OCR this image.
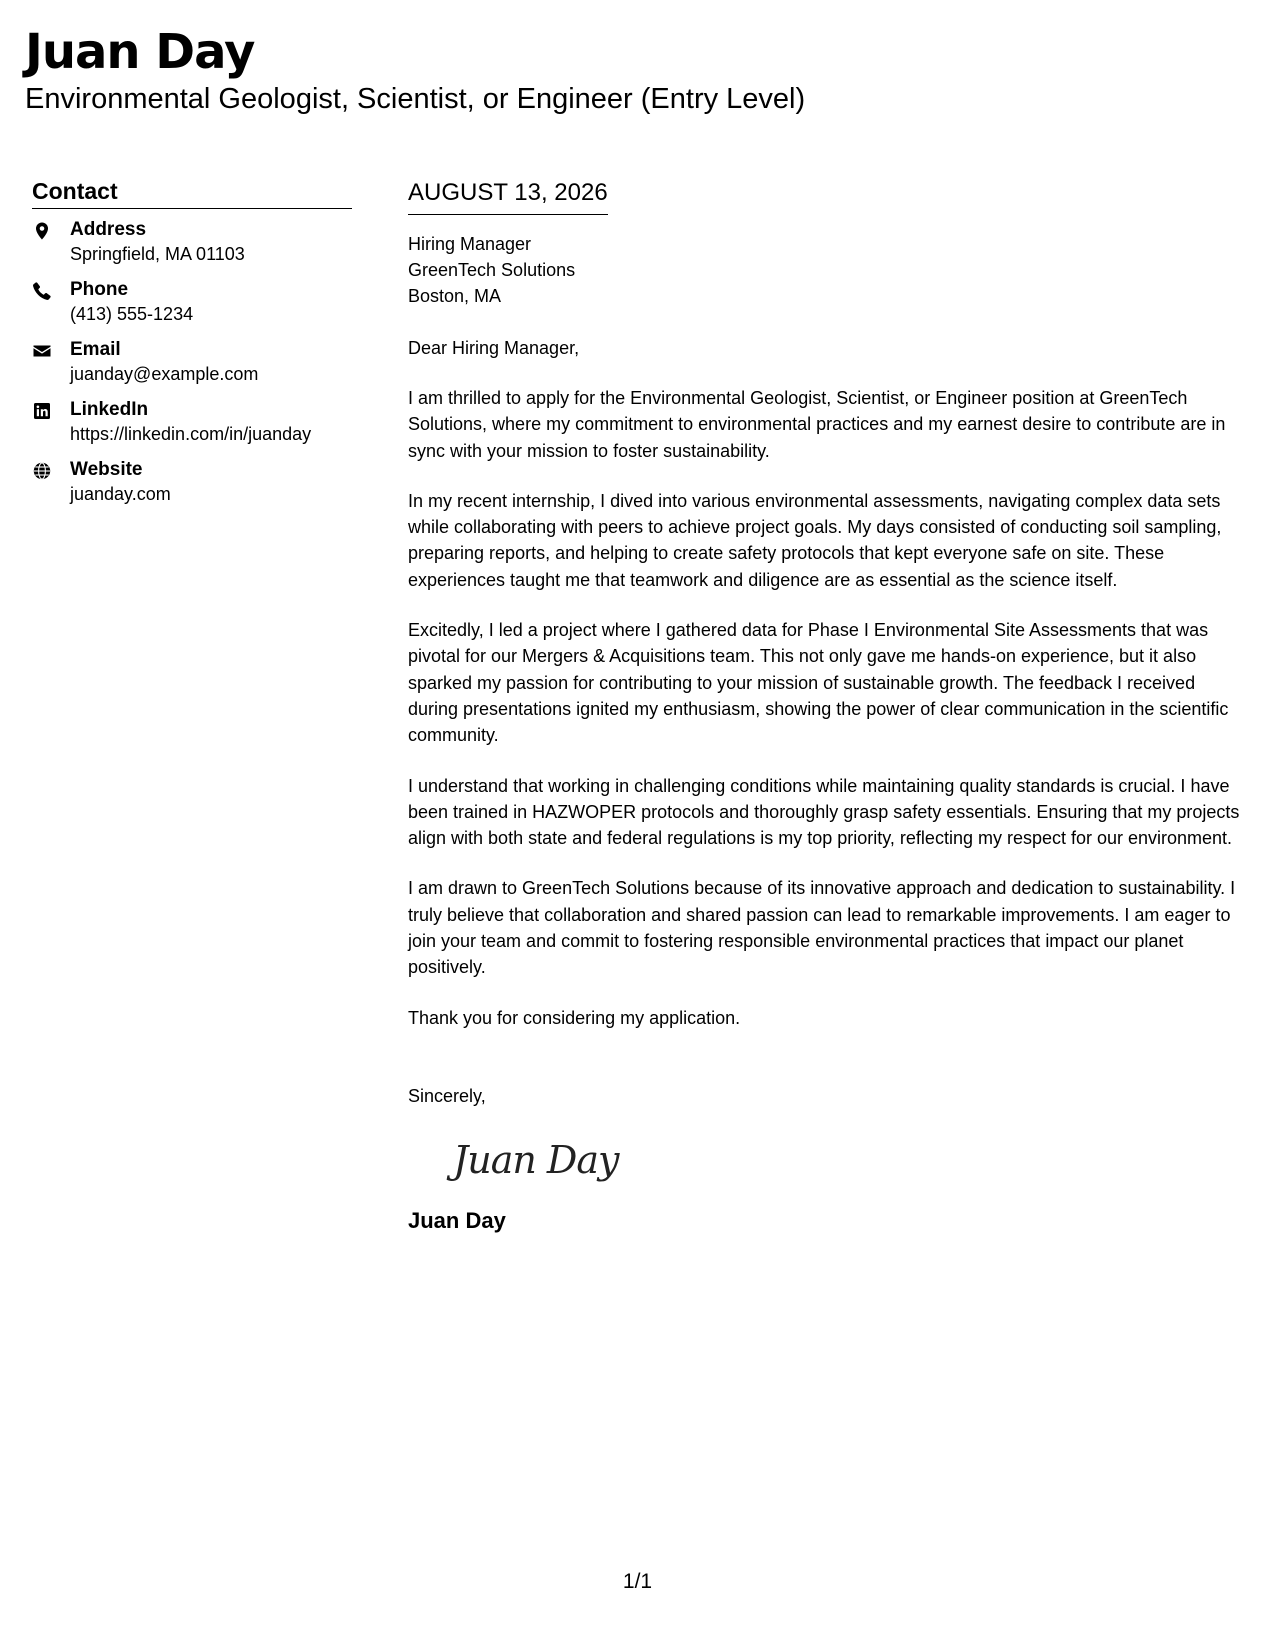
Juan Day

Environmental Geologist, Scientist, or Engineer (Entry Level)

Contact
Address
Springfield, MA 01103
Phone
(413) 555-1234
Email
juanday@example.com
LinkedIn
https://linkedin.com/in/juanday
Website
juanday.com
AUGUST 13, 2026
Hiring Manager
GreenTech Solutions
Boston, MA
Dear Hiring Manager,

I am thrilled to apply for the Environmental Geologist, Scientist, or Engineer position at GreenTech Solutions, where my commitment to environmental practices and my earnest desire to contribute are in sync with your mission to foster sustainability.

In my recent internship, I dived into various environmental assessments, navigating complex data sets while collaborating with peers to achieve project goals. My days consisted of conducting soil sampling, preparing reports, and helping to create safety protocols that kept everyone safe on site. These experiences taught me that teamwork and diligence are as essential as the science itself.

Excitedly, I led a project where I gathered data for Phase I Environmental Site Assessments that was pivotal for our Mergers & Acquisitions team. This not only gave me hands-on experience, but it also sparked my passion for contributing to your mission of sustainable growth. The feedback I received during presentations ignited my enthusiasm, showing the power of clear communication in the scientific community.

I understand that working in challenging conditions while maintaining quality standards is crucial. I have been trained in HAZWOPER protocols and thoroughly grasp safety essentials. Ensuring that my projects align with both state and federal regulations is my top priority, reflecting my respect for our environment.

I am drawn to GreenTech Solutions because of its innovative approach and dedication to sustainability. I truly believe that collaboration and shared passion can lead to remarkable improvements. I am eager to join your team and commit to fostering responsible environmental practices that impact our planet positively.

Thank you for considering my application.

Sincerely,
Juan Day
Juan Day
1/1
